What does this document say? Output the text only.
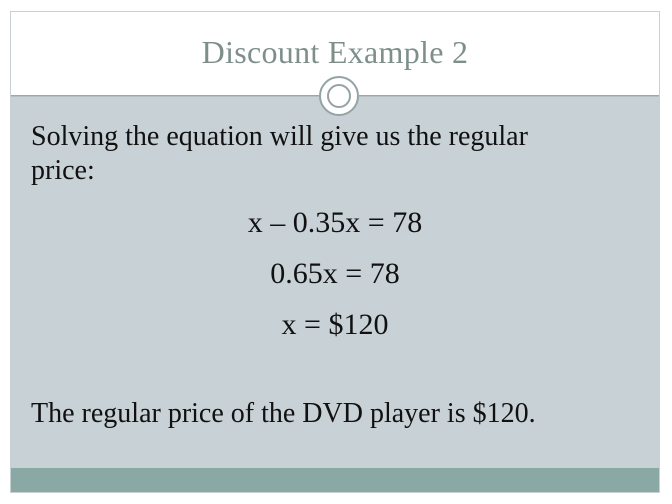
Discount Example 2
Solving the equation will give us the regular
price:
x – 0.35x = 78
0.65x = 78
x = $120
The regular price of the DVD player is $120.
